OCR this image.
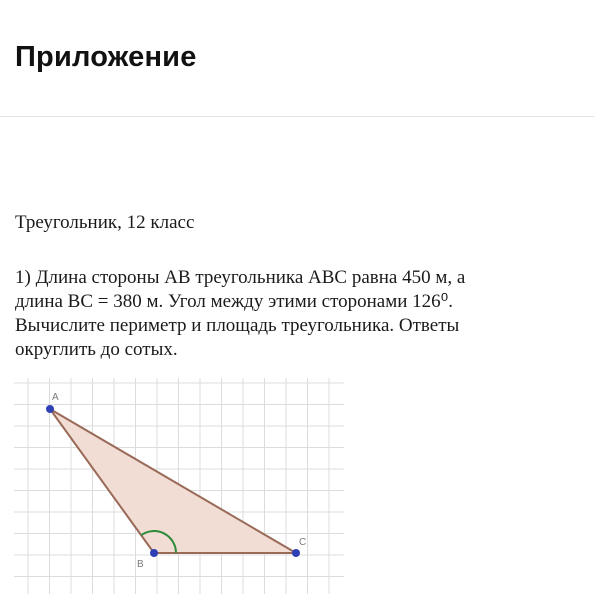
Приложение

Треугольник, 12 класс

1) Длина стороны AB треугольника ABC равна 450 м, а
длина BC = 380 м. Угол между этими сторонами 126⁰.
Вычислите периметр и площадь треугольника. Ответы
округлить до сотых.
A
B
C
